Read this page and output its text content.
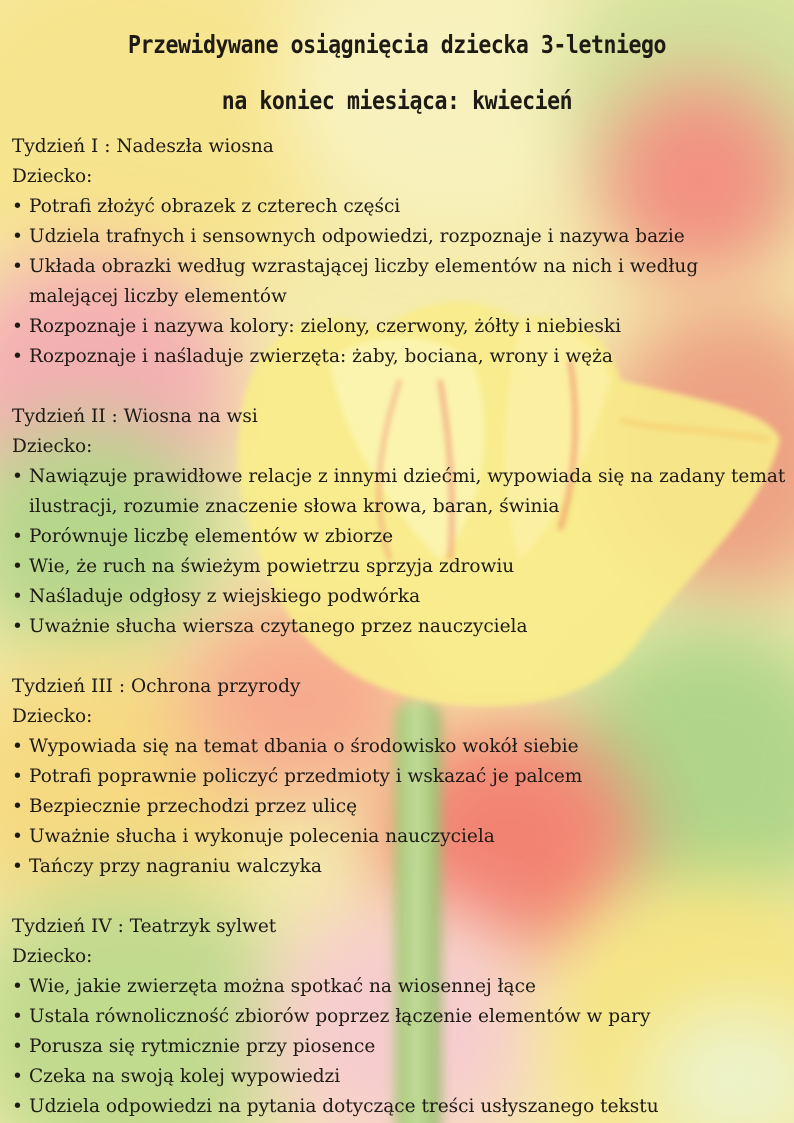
Przewidywane osiągnięcia dziecka 3-letniego
na koniec miesiąca: kwiecień
Tydzień I : Nadeszła wiosna
Dziecko:
• Potrafi złożyć obrazek z czterech części
• Udziela trafnych i sensownych odpowiedzi, rozpoznaje i nazywa bazie
• Układa obrazki według wzrastającej liczby elementów na nich i według malejącej liczby elementów
• Rozpoznaje i nazywa kolory: zielony, czerwony, żółty i niebieski
• Rozpoznaje i naśladuje zwierzęta: żaby, bociana, wrony i węża
Tydzień II : Wiosna na wsi
Dziecko:
• Nawiązuje prawidłowe relacje z innymi dziećmi, wypowiada się na zadany temat ilustracji, rozumie znaczenie słowa krowa, baran, świnia
• Porównuje liczbę elementów w zbiorze
• Wie, że ruch na świeżym powietrzu sprzyja zdrowiu
• Naśladuje odgłosy z wiejskiego podwórka
• Uważnie słucha wiersza czytanego przez nauczyciela
Tydzień III : Ochrona przyrody
Dziecko:
• Wypowiada się na temat dbania o środowisko wokół siebie
• Potrafi poprawnie policzyć przedmioty i wskazać je palcem
• Bezpiecznie przechodzi przez ulicę
• Uważnie słucha i wykonuje polecenia nauczyciela
• Tańczy przy nagraniu walczyka
Tydzień IV : Teatrzyk sylwet
Dziecko:
• Wie, jakie zwierzęta można spotkać na wiosennej łące
• Ustala równoliczność zbiorów poprzez łączenie elementów w pary
• Porusza się rytmicznie przy piosence
• Czeka na swoją kolej wypowiedzi
• Udziela odpowiedzi na pytania dotyczące treści usłyszanego tekstu
